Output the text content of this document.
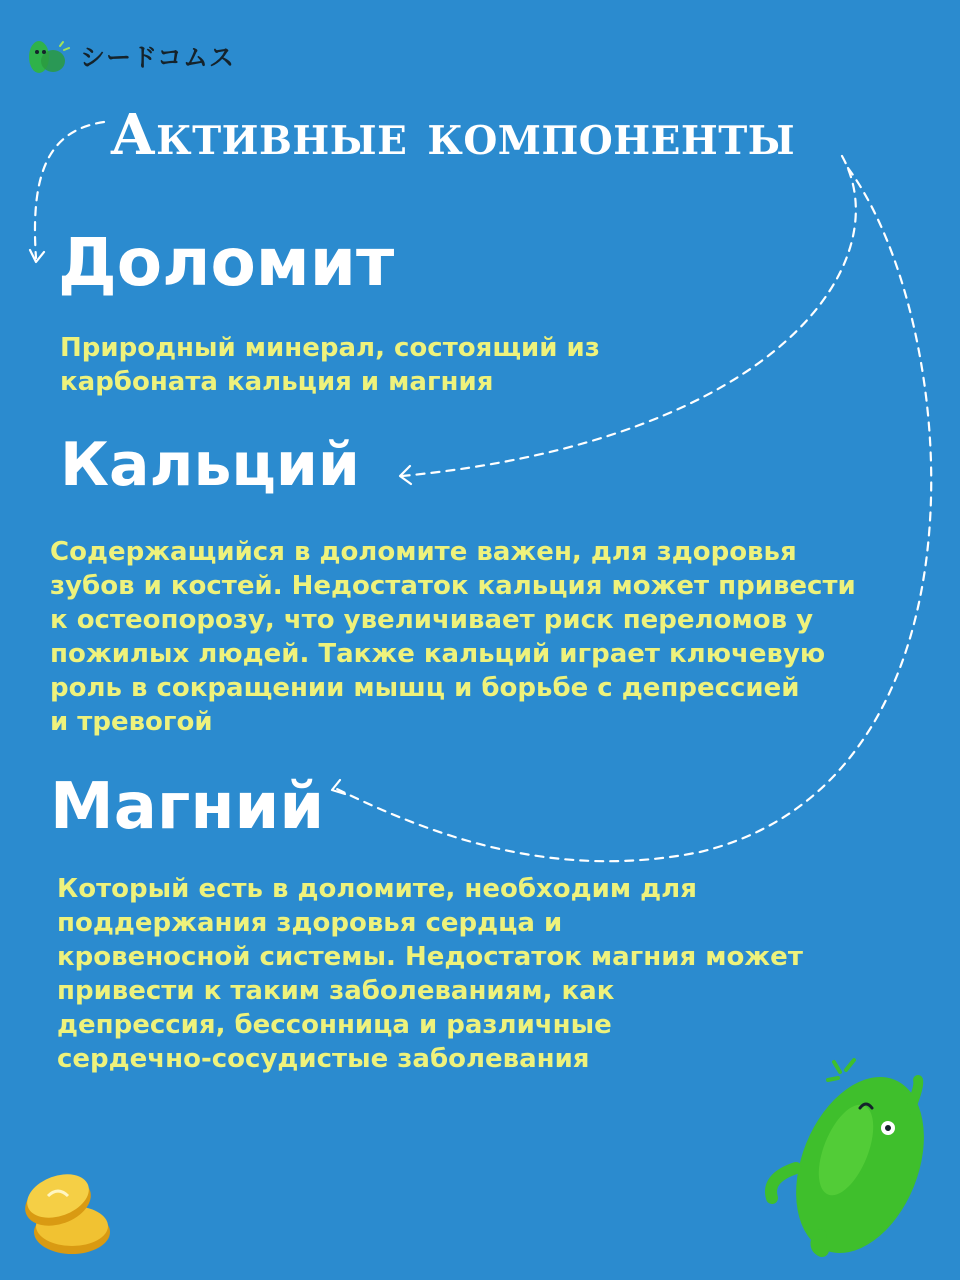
シードコムス
Активные компоненты
Доломит
Природный минерал, состоящий из
карбоната кальция и магния
Кальций
Содержащийся в доломите важен, для здоровья
зубов и костей. Недостаток кальция может привести
к остеопорозу, что увеличивает риск переломов у
пожилых людей. Также кальций играет ключевую
роль в сокращении мышц и борьбе с депрессией
и тревогой
Магний
Который есть в доломите, необходим для
поддержания здоровья сердца и
кровеносной системы. Недостаток магния может
привести к таким заболеваниям, как
депрессия, бессонница и различные
сердечно-сосудистые заболевания
